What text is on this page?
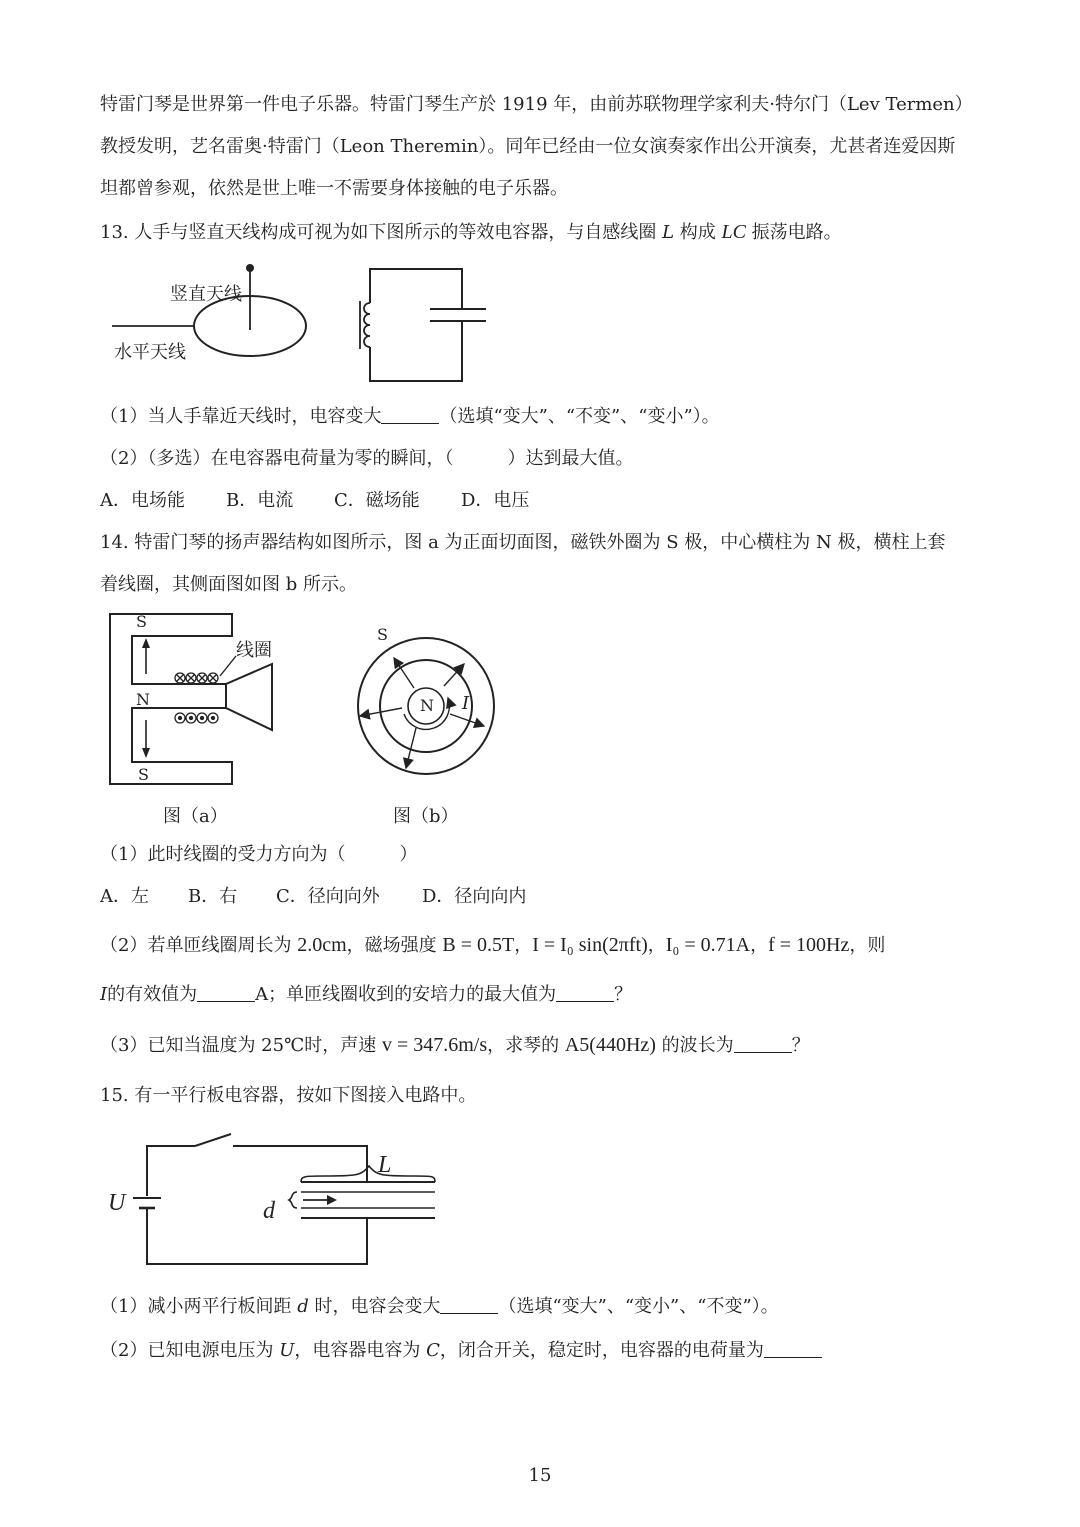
特雷门琴是世界第一件电子乐器。特雷门琴生产於 1919 年，由前苏联物理学家利夫·特尔门（Lev Termen）
教授发明，艺名雷奥·特雷门（Leon Theremin）。同年已经由一位女演奏家作出公开演奏，尤甚者连爱因斯
坦都曾参观，依然是世上唯一不需要身体接触的电子乐器。
13. 人手与竖直天线构成可视为如下图所示的等效电容器，与自感线圈 L 构成 LC 振荡电路。
竖直天线
水平天线
（1）当人手靠近天线时，电容变大	（选填“变大”、“不变”、“变小”）。
（2）（多选）在电容器电荷量为零的瞬间，（　　　）达到最大值。
A．电场能 B．电流 C．磁场能 D．电压
14. 特雷门琴的扬声器结构如图所示，图 a 为正面切面图，磁铁外圈为 S 极，中心横柱为 N 极，横柱上套
着线圈，其侧面图如图 b 所示。
S
N
S
线圈
图（a）
S
N I
图（b）
（1）此时线圈的受力方向为（　　　）
A．左 B．右 C．径向向外 D．径向向内
（2）若单匝线圈周长为 2.0cm，磁场强度 B = 0.5T，I = I₀ sin(2πft)，I₀ = 0.71A，f = 100Hz，则
I的有效值为	A；单匝线圈收到的安培力的最大值为	？
（3）已知当温度为 25℃时，声速 v = 347.6m/s，求琴的 A5(440Hz) 的波长为	？
15. 有一平行板电容器，按如下图接入电路中。
U	d
L
（1）减小两平行板间距 d 时，电容会变大	（选填“变大”、“变小”、“不变”）。
（2）已知电源电压为 U，电容器电容为 C，闭合开关，稳定时，电容器的电荷量为
15
